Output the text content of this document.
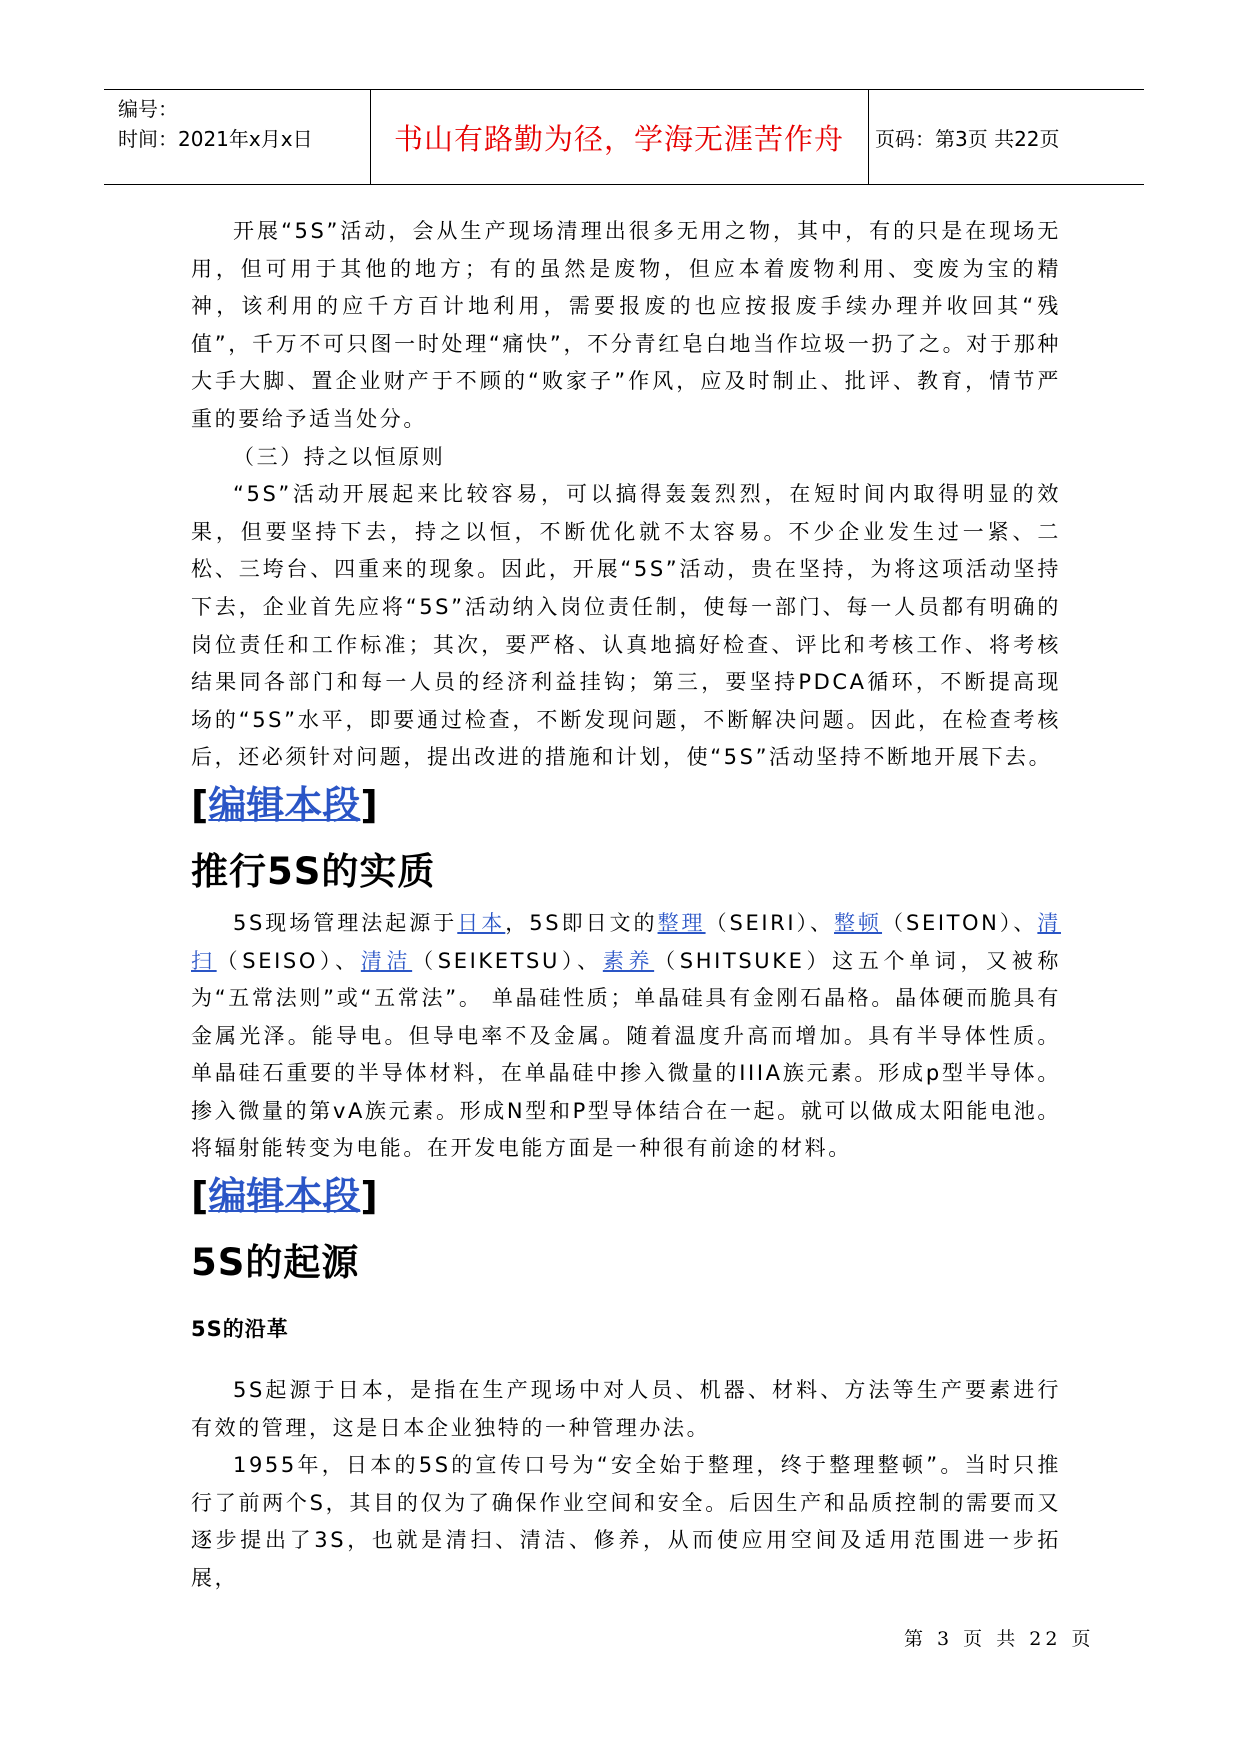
编号：
时间：2021年x月x日	书山有路勤为径，学海无涯苦作舟	页码：第3页 共22页

开展“5S”活动，会从生产现场清理出很多无用之物，其中，有的只是在现场无用，但可用于其他的地方；有的虽然是废物，但应本着废物利用、变废为宝的精神，该利用的应千方百计地利用，需要报废的也应按报废手续办理并收回其“残值”，千万不可只图一时处理“痛快”，不分青红皂白地当作垃圾一扔了之。对于那种大手大脚、置企业财产于不顾的“败家子”作风，应及时制止、批评、教育，情节严重的要给予适当处分。

（三）持之以恒原则

“5S”活动开展起来比较容易，可以搞得轰轰烈烈，在短时间内取得明显的效果，但要坚持下去，持之以恒，不断优化就不太容易。不少企业发生过一紧、二松、三垮台、四重来的现象。因此，开展“5S”活动，贵在坚持，为将这项活动坚持下去，企业首先应将“5S”活动纳入岗位责任制，使每一部门、每一人员都有明确的岗位责任和工作标准；其次，要严格、认真地搞好检查、评比和考核工作、将考核结果同各部门和每一人员的经济利益挂钩；第三，要坚持PDCA循环，不断提高现场的“5S”水平，即要通过检查，不断发现问题，不断解决问题。因此，在检查考核后，还必须针对问题，提出改进的措施和计划，使“5S”活动坚持不断地开展下去。

[编辑本段]
推行5S的实质

5S现场管理法起源于日本，5S即日文的整理（SEIRI）、整顿（SEITON）、清扫（SEISO）、清洁（SEIKETSU）、素养（SHITSUKE）这五个单词，又被称为“五常法则”或“五常法”。 单晶硅性质；单晶硅具有金刚石晶格。晶体硬而脆具有金属光泽。能导电。但导电率不及金属。随着温度升高而增加。具有半导体性质。单晶硅石重要的半导体材料，在单晶硅中掺入微量的IIIA族元素。形成p型半导体。掺入微量的第vA族元素。形成N型和P型导体结合在一起。就可以做成太阳能电池。将辐射能转变为电能。在开发电能方面是一种很有前途的材料。

[编辑本段]
5S的起源
5S的沿革

5S起源于日本，是指在生产现场中对人员、机器、材料、方法等生产要素进行有效的管理，这是日本企业独特的一种管理办法。

1955年，日本的5S的宣传口号为“安全始于整理，终于整理整顿”。当时只推行了前两个S，其目的仅为了确保作业空间和安全。后因生产和品质控制的需要而又逐步提出了3S，也就是清扫、清洁、修养，从而使应用空间及适用范围进一步拓展，

第 3 页 共 22 页
